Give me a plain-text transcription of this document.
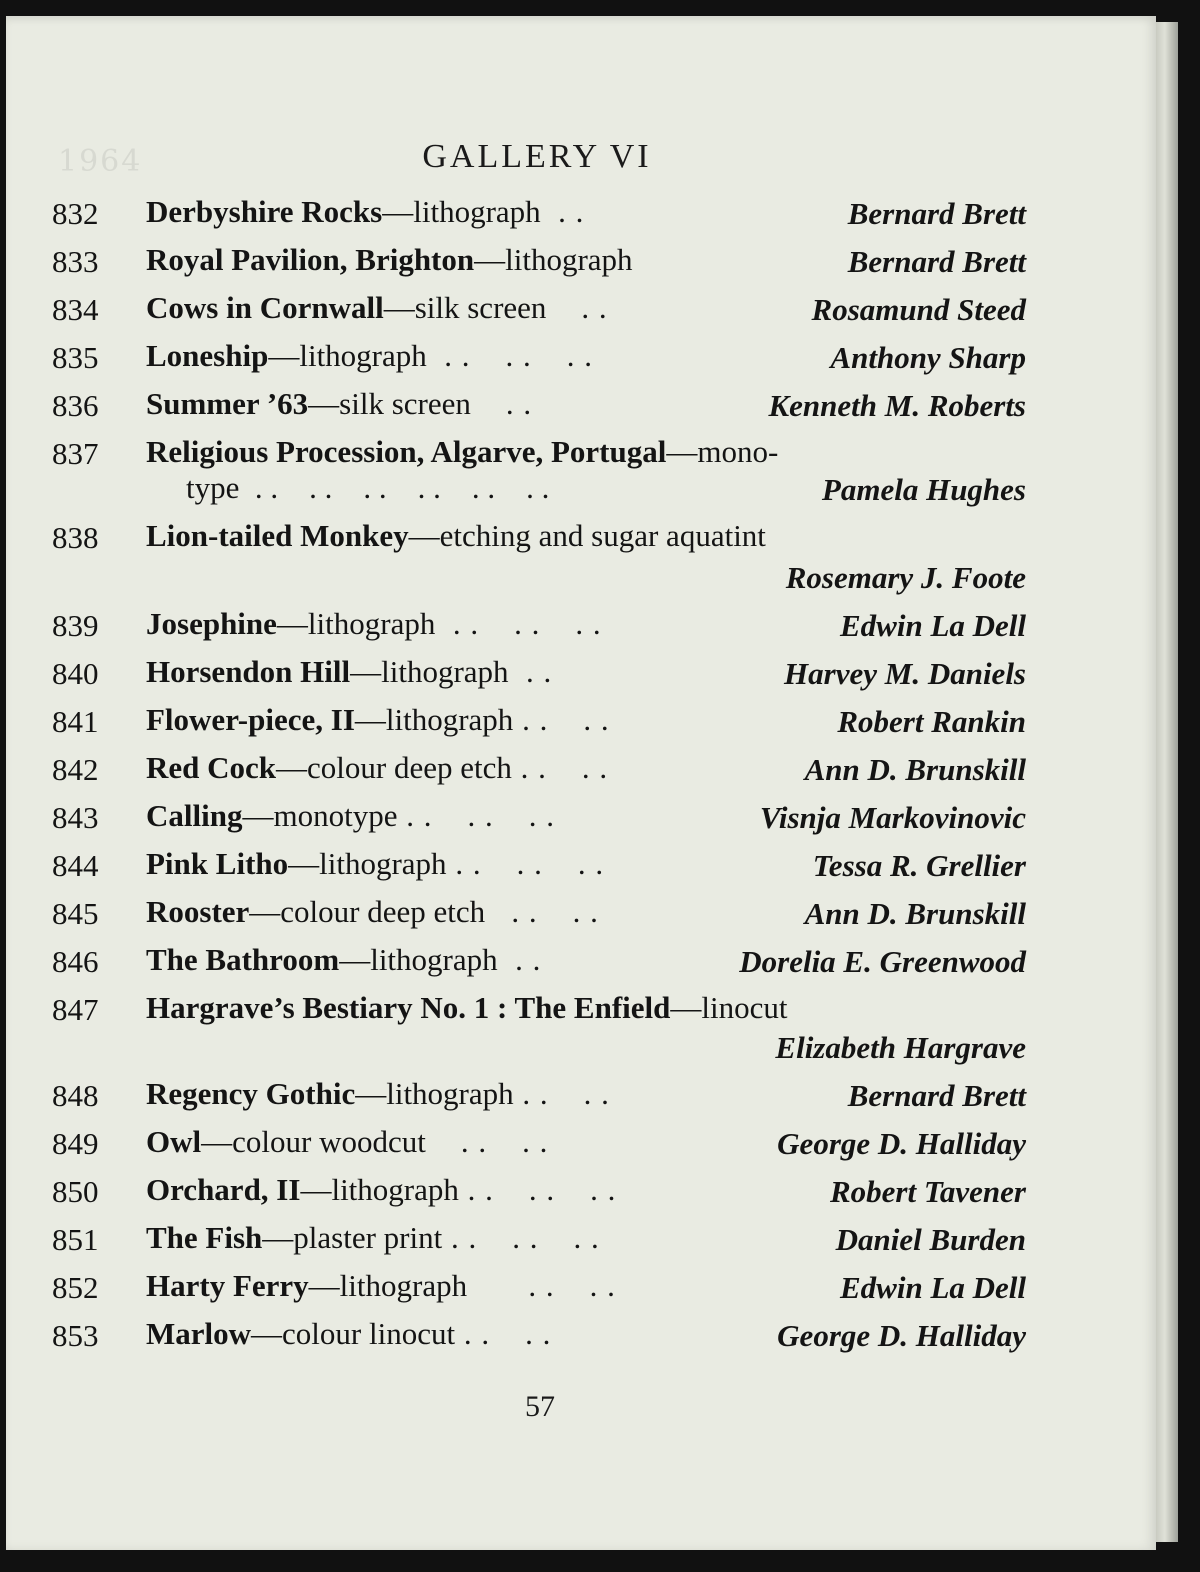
1964	GALLERY VI
832 Derbyshire Rocks—lithograph  . .	Bernard Brett
833 Royal Pavilion, Brighton—lithograph	Bernard Brett
834 Cows in Cornwall—silk screen    . .	Rosamund Steed
835 Loneship—lithograph  . .    . .    . .	Anthony Sharp
836 Summer ’63—silk screen    . .	Kenneth M. Roberts
837 Religious Procession, Algarve, Portugal—mono-
type  . .    . .    . .    . .    . .    . .	Pamela Hughes
838 Lion-tailed Monkey—etching and sugar aquatint
Rosemary J. Foote
839 Josephine—lithograph  . .    . .    . .	Edwin La Dell
840 Horsendon Hill—lithograph  . .	Harvey M. Daniels
841 Flower-piece, II—lithograph . .    . .	Robert Rankin
842 Red Cock—colour deep etch . .    . .	Ann D. Brunskill
843 Calling—monotype . .    . .    . .	Visnja Markovinovic
844 Pink Litho—lithograph . .    . .    . .	Tessa R. Grellier
845 Rooster—colour deep etch   . .    . .	Ann D. Brunskill
846 The Bathroom—lithograph  . .	Dorelia E. Greenwood
847 Hargrave’s Bestiary No. 1 : The Enfield—linocut
Elizabeth Hargrave
848 Regency Gothic—lithograph . .    . .	Bernard Brett
849 Owl—colour woodcut    . .    . .	George D. Halliday
850 Orchard, II—lithograph . .    . .    . .	Robert Tavener
851 The Fish—plaster print . .    . .    . .	Daniel Burden
852 Harty Ferry—lithograph       . .    . .	Edwin La Dell
853 Marlow—colour linocut . .    . .	George D. Halliday
57
